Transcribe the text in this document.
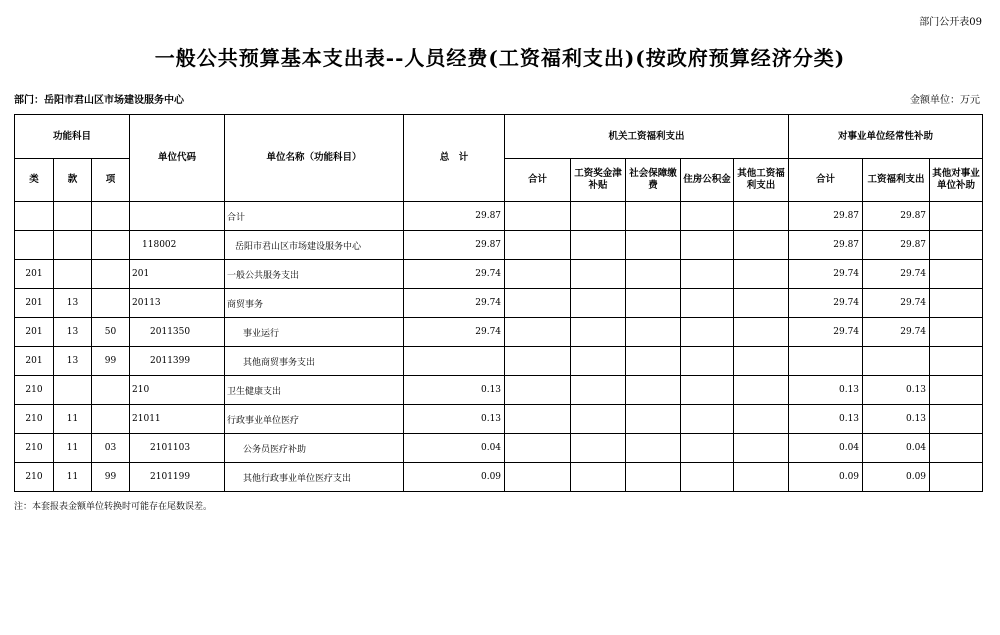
部门公开表09
一般公共预算基本支出表--人员经费(工资福利支出)(按政府预算经济分类)
部门：岳阳市君山区市场建设服务中心	金额单位：万元
功能科目			单位代码	单位名称（功能科目）	总　计	机关工资福利支出					对事业单位经常性补助		
类	款	项				合计	工资奖金津补贴	社会保障缴费	住房公积金	其他工资福利支出	合计	工资福利支出	其他对事业单位补助
				合计	29.87						29.87	29.87	
			118002	岳阳市君山区市场建设服务中心	29.87						29.87	29.87	
201			201	一般公共服务支出	29.74						29.74	29.74	
201	13		20113	商贸事务	29.74						29.74	29.74	
201	13	50	2011350	事业运行	29.74						29.74	29.74	
201	13	99	2011399	其他商贸事务支出									
210			210	卫生健康支出	0.13						0.13	0.13	
210	11		21011	行政事业单位医疗	0.13						0.13	0.13	
210	11	03	2101103	公务员医疗补助	0.04						0.04	0.04	
210	11	99	2101199	其他行政事业单位医疗支出	0.09						0.09	0.09	
注：本套报表金额单位转换时可能存在尾数误差。
